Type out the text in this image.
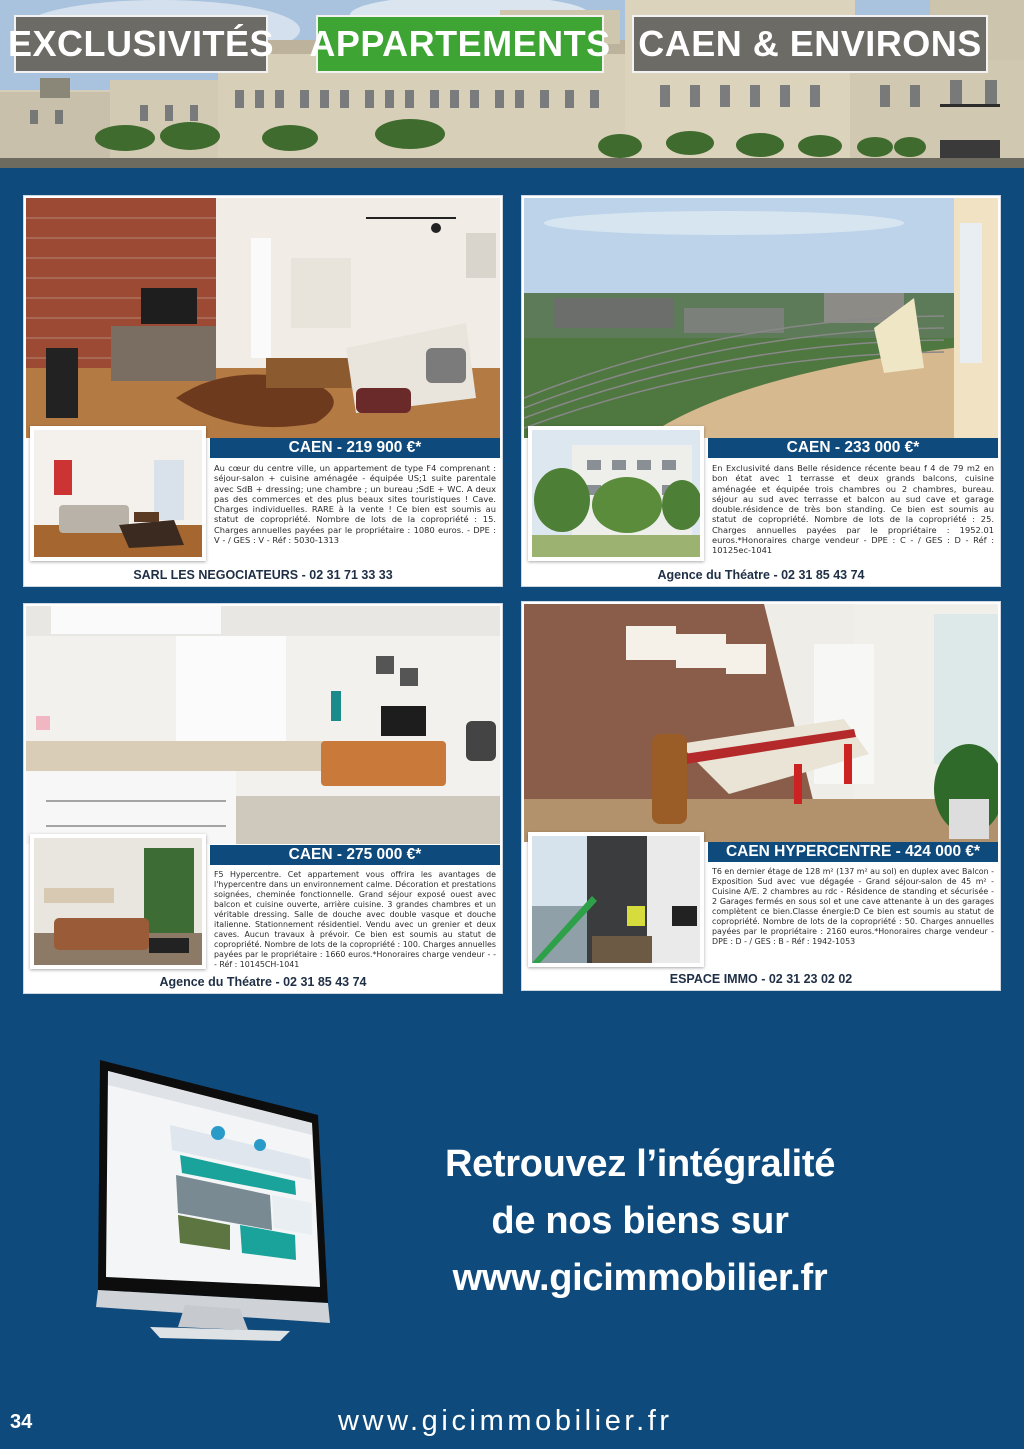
EXCLUSIVITÉS APPARTEMENTS CAEN & ENVIRONS
CAEN - 219 900 €*
Au cœur du centre ville, un appartement de type F4 comprenant : séjour-salon + cuisine aménagée - équipée US;1 suite parentale avec SdB + dressing; une chambre ; un bureau ;SdE + WC. A deux pas des commerces et des plus beaux sites touristiques ! Cave. Charges individuelles. RARE à la vente ! Ce bien est soumis au statut de copropriété. Nombre de lots de la copropriété : 15. Charges annuelles payées par le propriétaire : 1080 euros. - DPE : V - / GES : V - Réf : 5030-1313
SARL LES NEGOCIATEURS - 02 31 71 33 33
CAEN - 233 000 €*
En Exclusivité dans Belle résidence récente beau f 4 de 79 m2 en bon état avec 1 terrasse et deux grands balcons, cuisine aménagée et équipée trois chambres ou 2 chambres, bureau. séjour au sud avec terrasse et balcon au sud cave et garage double.résidence de très bon standing. Ce bien est soumis au statut de copropriété. Nombre de lots de la copropriété : 25. Charges annuelles payées par le propriétaire : 1952.01 euros.*Honoraires charge vendeur - DPE : C - / GES : D - Réf : 10125ec-1041
Agence du Théatre - 02 31 85 43 74
CAEN - 275 000 €*
F5 Hypercentre. Cet appartement vous offrira les avantages de l'hypercentre dans un environnement calme. Décoration et prestations soignées, cheminée fonctionnelle. Grand séjour exposé ouest avec balcon et cuisine ouverte, arrière cuisine. 3 grandes chambres et un véritable dressing. Salle de douche avec double vasque et douche italienne. Stationnement résidentiel. Vendu avec un grenier et deux caves. Aucun travaux à prévoir. Ce bien est soumis au statut de copropriété. Nombre de lots de la copropriété : 100. Charges annuelles payées par le propriétaire : 1660 euros.*Honoraires charge vendeur - - - Réf : 10145CH-1041
Agence du Théatre - 02 31 85 43 74
CAEN HYPERCENTRE - 424 000 €*
T6 en dernier étage de 128 m² (137 m² au sol) en duplex avec Balcon - Exposition Sud avec vue dégagée - Grand séjour-salon de 45 m² - Cuisine A/E. 2 chambres au rdc - Résidence de standing et sécurisée - 2 Garages fermés en sous sol et une cave attenante à un des garages complètent ce bien.Classe énergie:D Ce bien est soumis au statut de copropriété. Nombre de lots de la copropriété : 50. Charges annuelles payées par le propriétaire : 2160 euros.*Honoraires charge vendeur - DPE : D - / GES : B - Réf : 1942-1053
ESPACE IMMO - 02 31 23 02 02
Retrouvez l’intégralité
de nos biens sur
www.gicimmobilier.fr
34	www.gicimmobilier.fr
